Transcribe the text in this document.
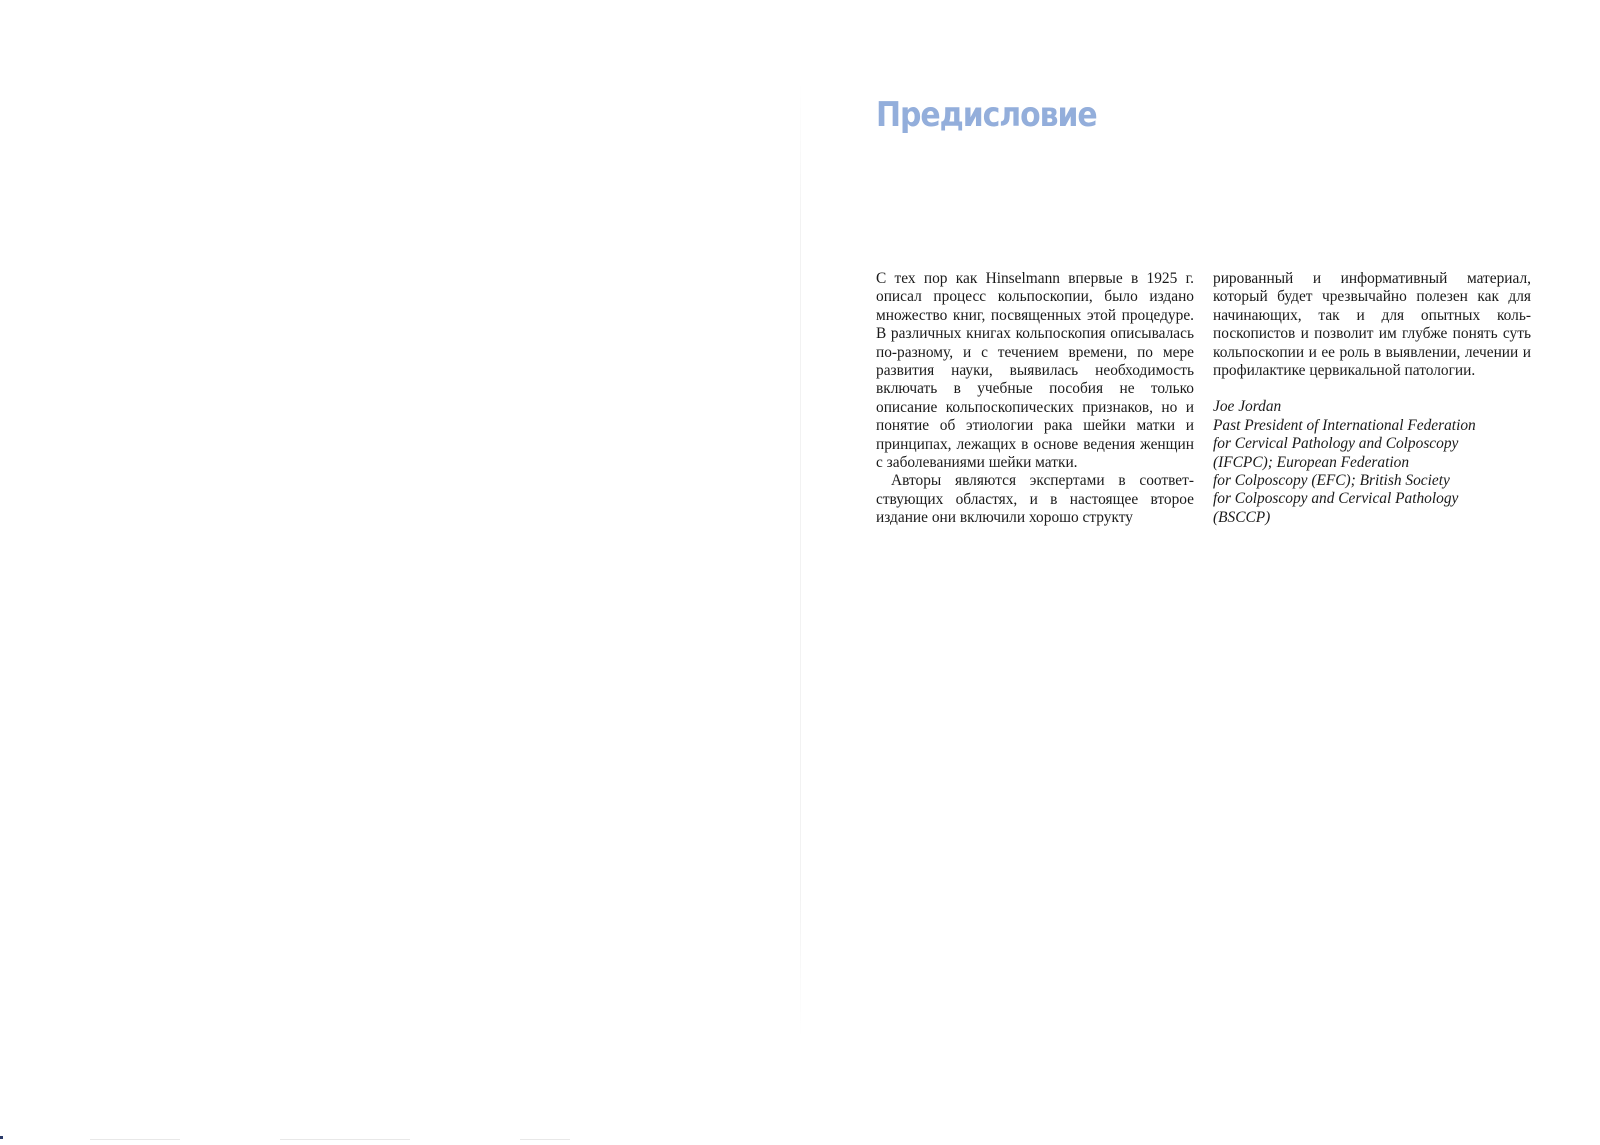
Предисловие

С тех пор как Hinselmann впервые в 1925 г. описал процесс кольпоскопии, было издано множество книг, посвященных этой процедуре. В различных книгах кольпоскопия описывалась по-разному, и с течением времени, по мере развития науки, выявилась необходимость включать в учебные пособия не только описание кольпоскопических признаков, но и понятие об этиологии рака шейки матки и принципах, лежащих в основе ведения женщин с заболеваниями шейки матки.

Авторы являются экспертами в соответствующих областях, и в настоящее второе издание они включили хорошо структу

рированный и информативный материал, который будет чрезвычайно полезен как для начинающих, так и для опытных кольпоскопистов и позволит им глубже понять суть кольпоскопии и ее роль в выявлении, лечении и профилактике цервикальной патологии.

Joe Jordan
Past President of International Federation
for Cervical Pathology and Colposcopy
(IFCPC); European Federation
for Colposcopy (EFC); British Society
for Colposcopy and Cervical Pathology
(BSCCP)
